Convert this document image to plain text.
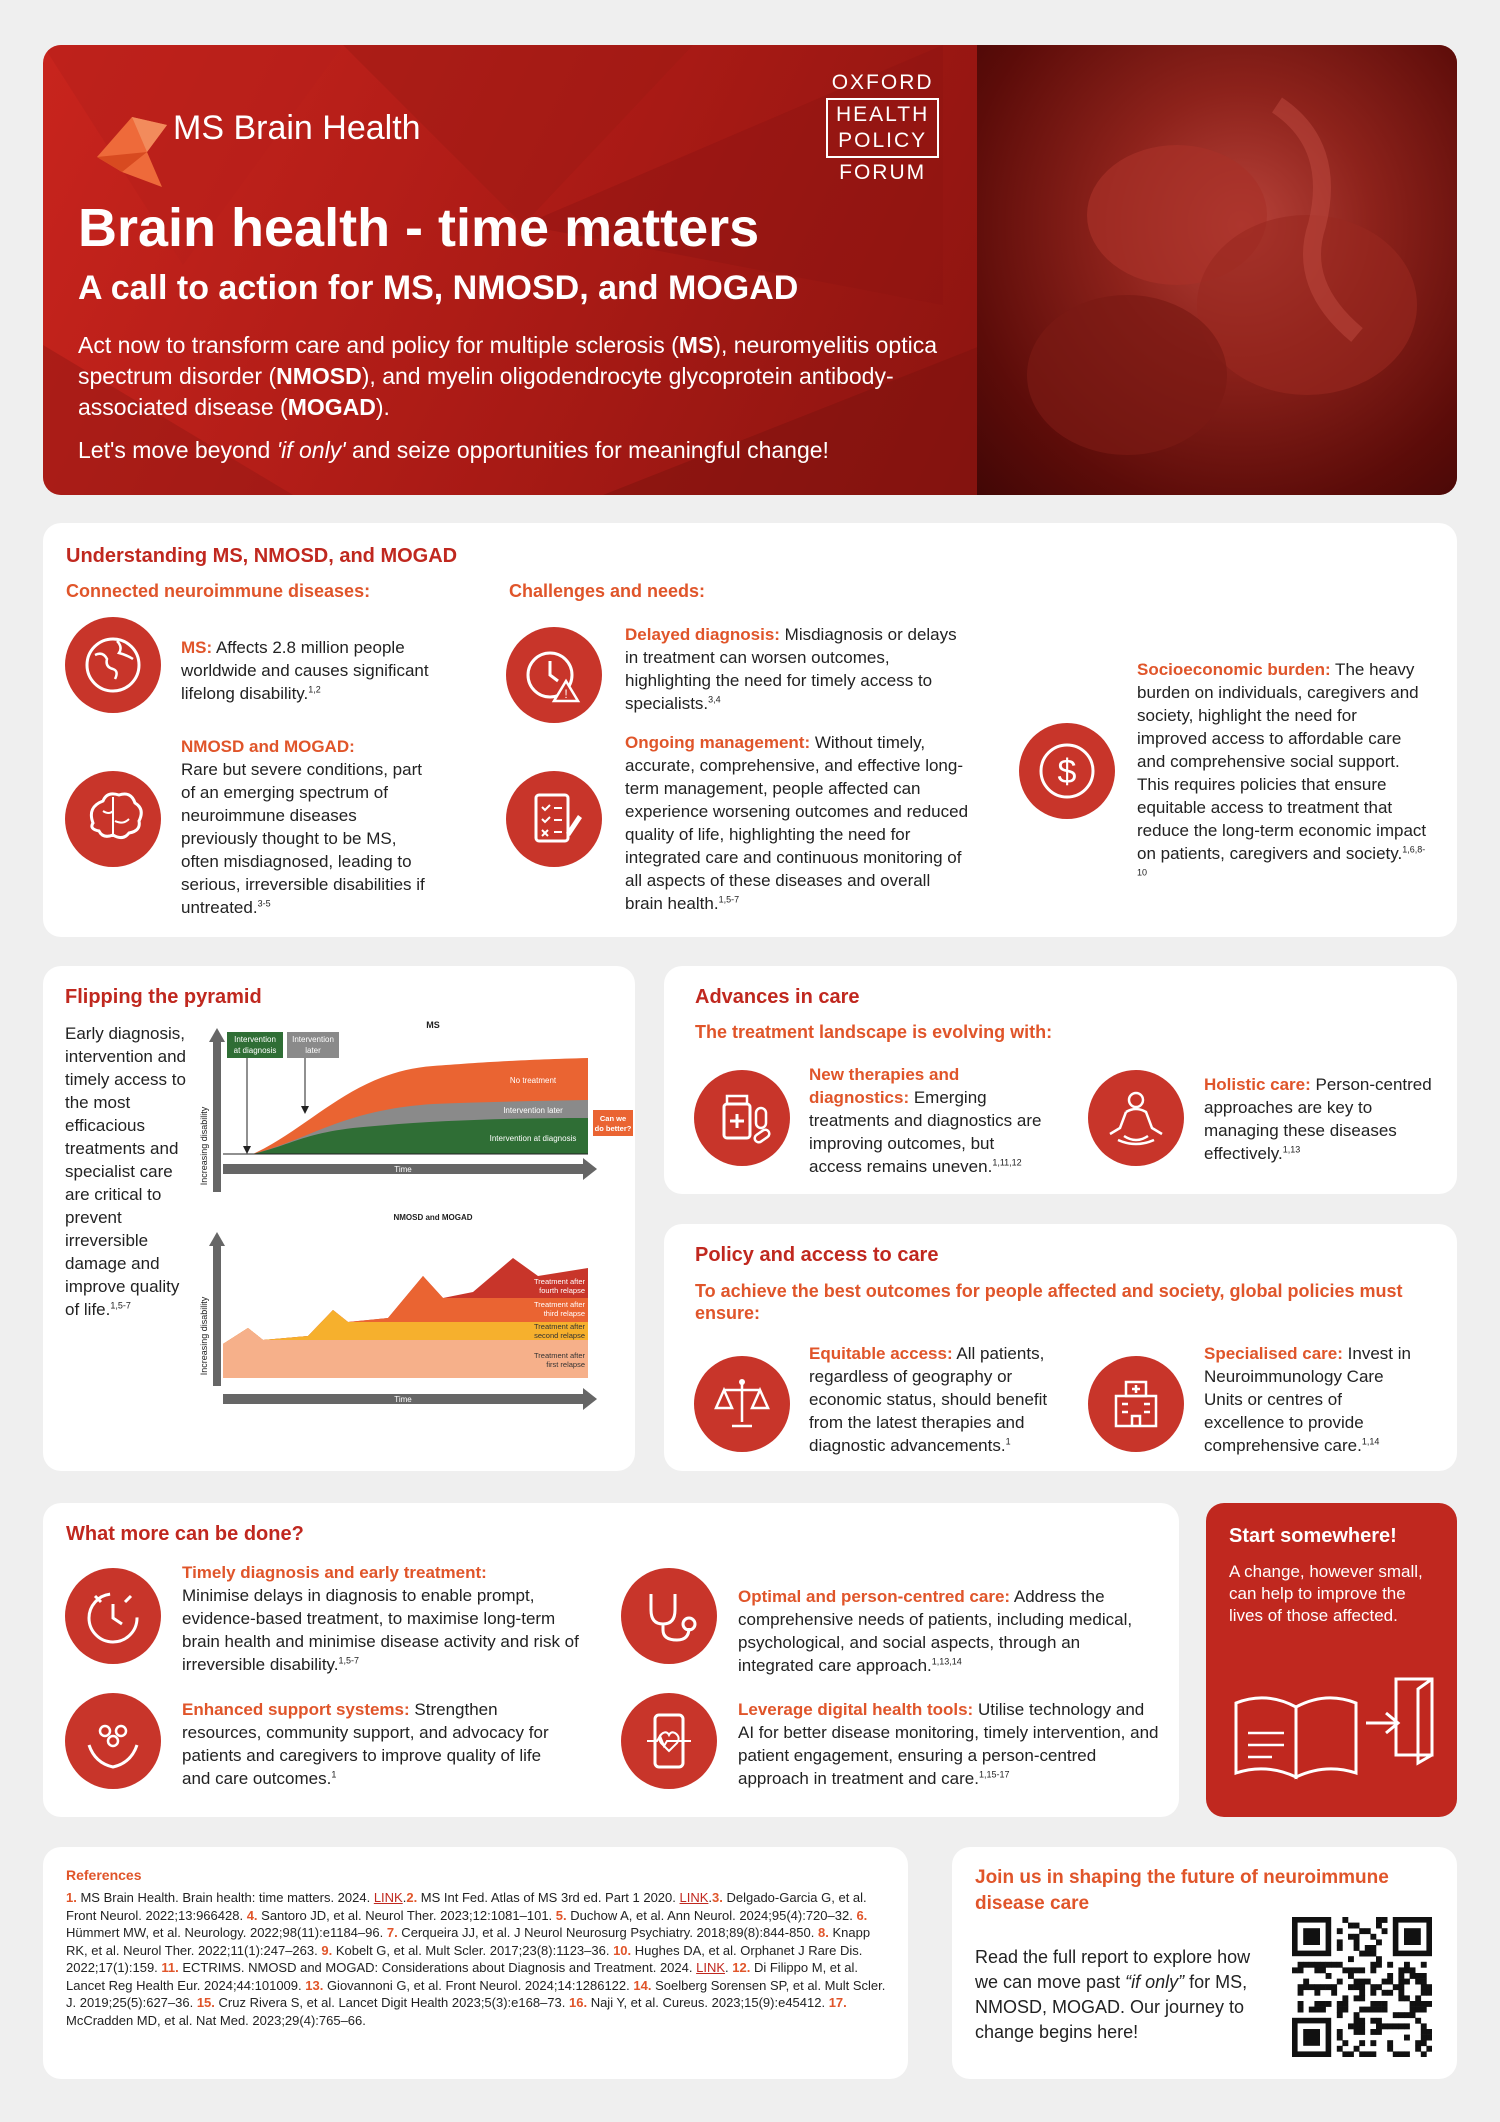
MS Brain Health
OXFORD
HEALTH
POLICY
FORUM
Brain health - time matters
A call to action for MS, NMOSD, and MOGAD
Act now to transform care and policy for multiple sclerosis (MS), neuromyelitis optica spectrum disorder (NMOSD), and myelin oligodendrocyte glycoprotein antibody-associated disease (MOGAD).
Let's move beyond 'if only' and seize opportunities for meaningful change!
Understanding MS, NMOSD, and MOGAD
Connected neuroimmune diseases:	Challenges and needs:
MS: Affects 2.8 million people worldwide and causes significant lifelong disability.$^{1,2}$
NMOSD and MOGAD:
Rare but severe conditions, part of an emerging spectrum of neuroimmune diseases previously thought to be MS, often misdiagnosed, leading to serious, irreversible disabilities if untreated.$^{3-5}$
!
Delayed diagnosis: Misdiagnosis or delays in treatment can worsen outcomes, highlighting the need for timely access to specialists.$^{3,4}$
Ongoing management: Without timely, accurate, comprehensive, and effective long-term management, people affected can experience worsening outcomes and reduced quality of life, highlighting the need for integrated care and continuous monitoring of all aspects of these diseases and overall brain health.$^{1,5-7}$
$
Socioeconomic burden: The heavy burden on individuals, caregivers and society, highlight the need for improved access to affordable care and comprehensive social support. This requires policies that ensure equitable access to treatment that reduce the long-term economic impact on patients, caregivers and society.$^{1,6,8-10}$
Flipping the pyramid
Early diagnosis, intervention and timely access to the most efficacious treatments and specialist care are critical to prevent irreversible damage and improve quality of life.$^{1,5-7}$
MS
Increasing disability
Intervention
at diagnosis
Intervention
later
No treatment
Intervention later
Intervention at diagnosis
Can we
do better?
Time
NMOSD and MOGAD
Increasing disability
Treatment after
fourth relapse
Treatment after
third relapse
Treatment after
second relapse
Treatment after
first relapse
Time
Advances in care
The treatment landscape is evolving with:
New therapies and diagnostics: Emerging treatments and diagnostics are improving outcomes, but access remains uneven.$^{1,11,12}$
Holistic care: Person-centred approaches are key to managing these diseases effectively.$^{1,13}$
Policy and access to care
To achieve the best outcomes for people affected and society, global policies must ensure:
Equitable access: All patients, regardless of geography or economic status, should benefit from the latest therapies and diagnostic advancements.$^1$
Specialised care: Invest in Neuroimmunology Care Units or centres of excellence to provide comprehensive care.$^{1,14}$
What more can be done?
Timely diagnosis and early treatment:
Minimise delays in diagnosis to enable prompt, evidence-based treatment, to maximise long-term brain health and minimise disease activity and risk of irreversible disability.$^{1,5-7}$
Enhanced support systems: Strengthen resources, community support, and advocacy for patients and caregivers to improve quality of life and care outcomes.$^1$
Optimal and person-centred care: Address the comprehensive needs of patients, including medical, psychological, and social aspects, through an integrated care approach.$^{1,13,14}$
Leverage digital health tools: Utilise technology and AI for better disease monitoring, timely intervention, and patient engagement, ensuring a person-centred approach in treatment and care.$^{1,15-17}$
Start somewhere!
A change, however small, can help to improve the lives of those affected.
References
1. MS Brain Health. Brain health: time matters. 2024. LINK.2. MS Int Fed. Atlas of MS 3rd ed. Part 1 2020. LINK.3. Delgado-Garcia G, et al. Front Neurol. 2022;13:966428. 4. Santoro JD, et al. Neurol Ther. 2023;12:1081–101. 5. Duchow A, et al. Ann Neurol. 2024;95(4):720–32. 6. Hümmert MW, et al. Neurology. 2022;98(11):e1184–96. 7. Cerqueira JJ, et al. J Neurol Neurosurg Psychiatry. 2018;89(8):844-850. 8. Knapp RK, et al. Neurol Ther. 2022;11(1):247–263. 9. Kobelt G, et al. Mult Scler. 2017;23(8):1123–36. 10. Hughes DA, et al. Orphanet J Rare Dis. 2022;17(1):159. 11. ECTRIMS. NMOSD and MOGAD: Considerations about Diagnosis and Treatment. 2024. LINK. 12. Di Filippo M, et al. Lancet Reg Health Eur. 2024;44:101009. 13. Giovannoni G, et al. Front Neurol. 2024;14:1286122. 14. Soelberg Sorensen SP, et al. Mult Scler. J. 2019;25(5):627–36. 15. Cruz Rivera S, et al. Lancet Digit Health 2023;5(3):e168–73. 16. Naji Y, et al. Cureus. 2023;15(9):e45412. 17. McCradden MD, et al. Nat Med. 2023;29(4):765–66.
Join us in shaping the future of neuroimmune disease care
Read the full report to explore how we can move past “if only” for MS, NMOSD, MOGAD. Our journey to change begins here!
